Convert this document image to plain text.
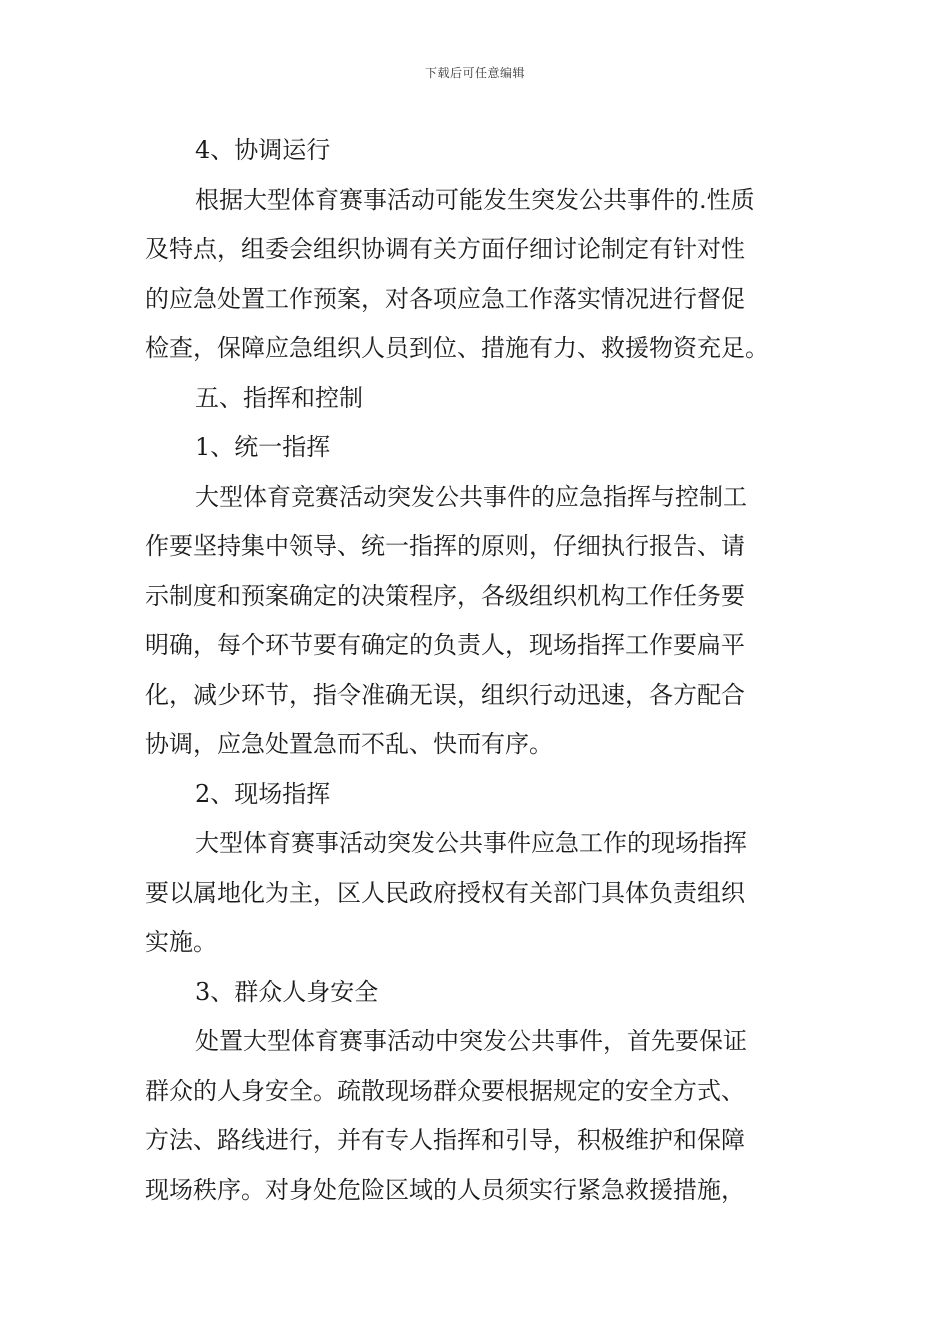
下载后可任意编辑
4、协调运行
根据大型体育赛事活动可能发生突发公共事件的.性质
及特点，组委会组织协调有关方面仔细讨论制定有针对性
的应急处置工作预案，对各项应急工作落实情况进行督促
检查，保障应急组织人员到位、措施有力、救援物资充足。
五、指挥和控制
1、统一指挥
大型体育竞赛活动突发公共事件的应急指挥与控制工
作要坚持集中领导、统一指挥的原则，仔细执行报告、请
示制度和预案确定的决策程序，各级组织机构工作任务要
明确，每个环节要有确定的负责人，现场指挥工作要扁平
化，减少环节，指令准确无误，组织行动迅速，各方配合
协调，应急处置急而不乱、快而有序。
2、现场指挥
大型体育赛事活动突发公共事件应急工作的现场指挥
要以属地化为主，区人民政府授权有关部门具体负责组织
实施。
3、群众人身安全
处置大型体育赛事活动中突发公共事件，首先要保证
群众的人身安全。疏散现场群众要根据规定的安全方式、
方法、路线进行，并有专人指挥和引导，积极维护和保障
现场秩序。对身处危险区域的人员须实行紧急救援措施，
